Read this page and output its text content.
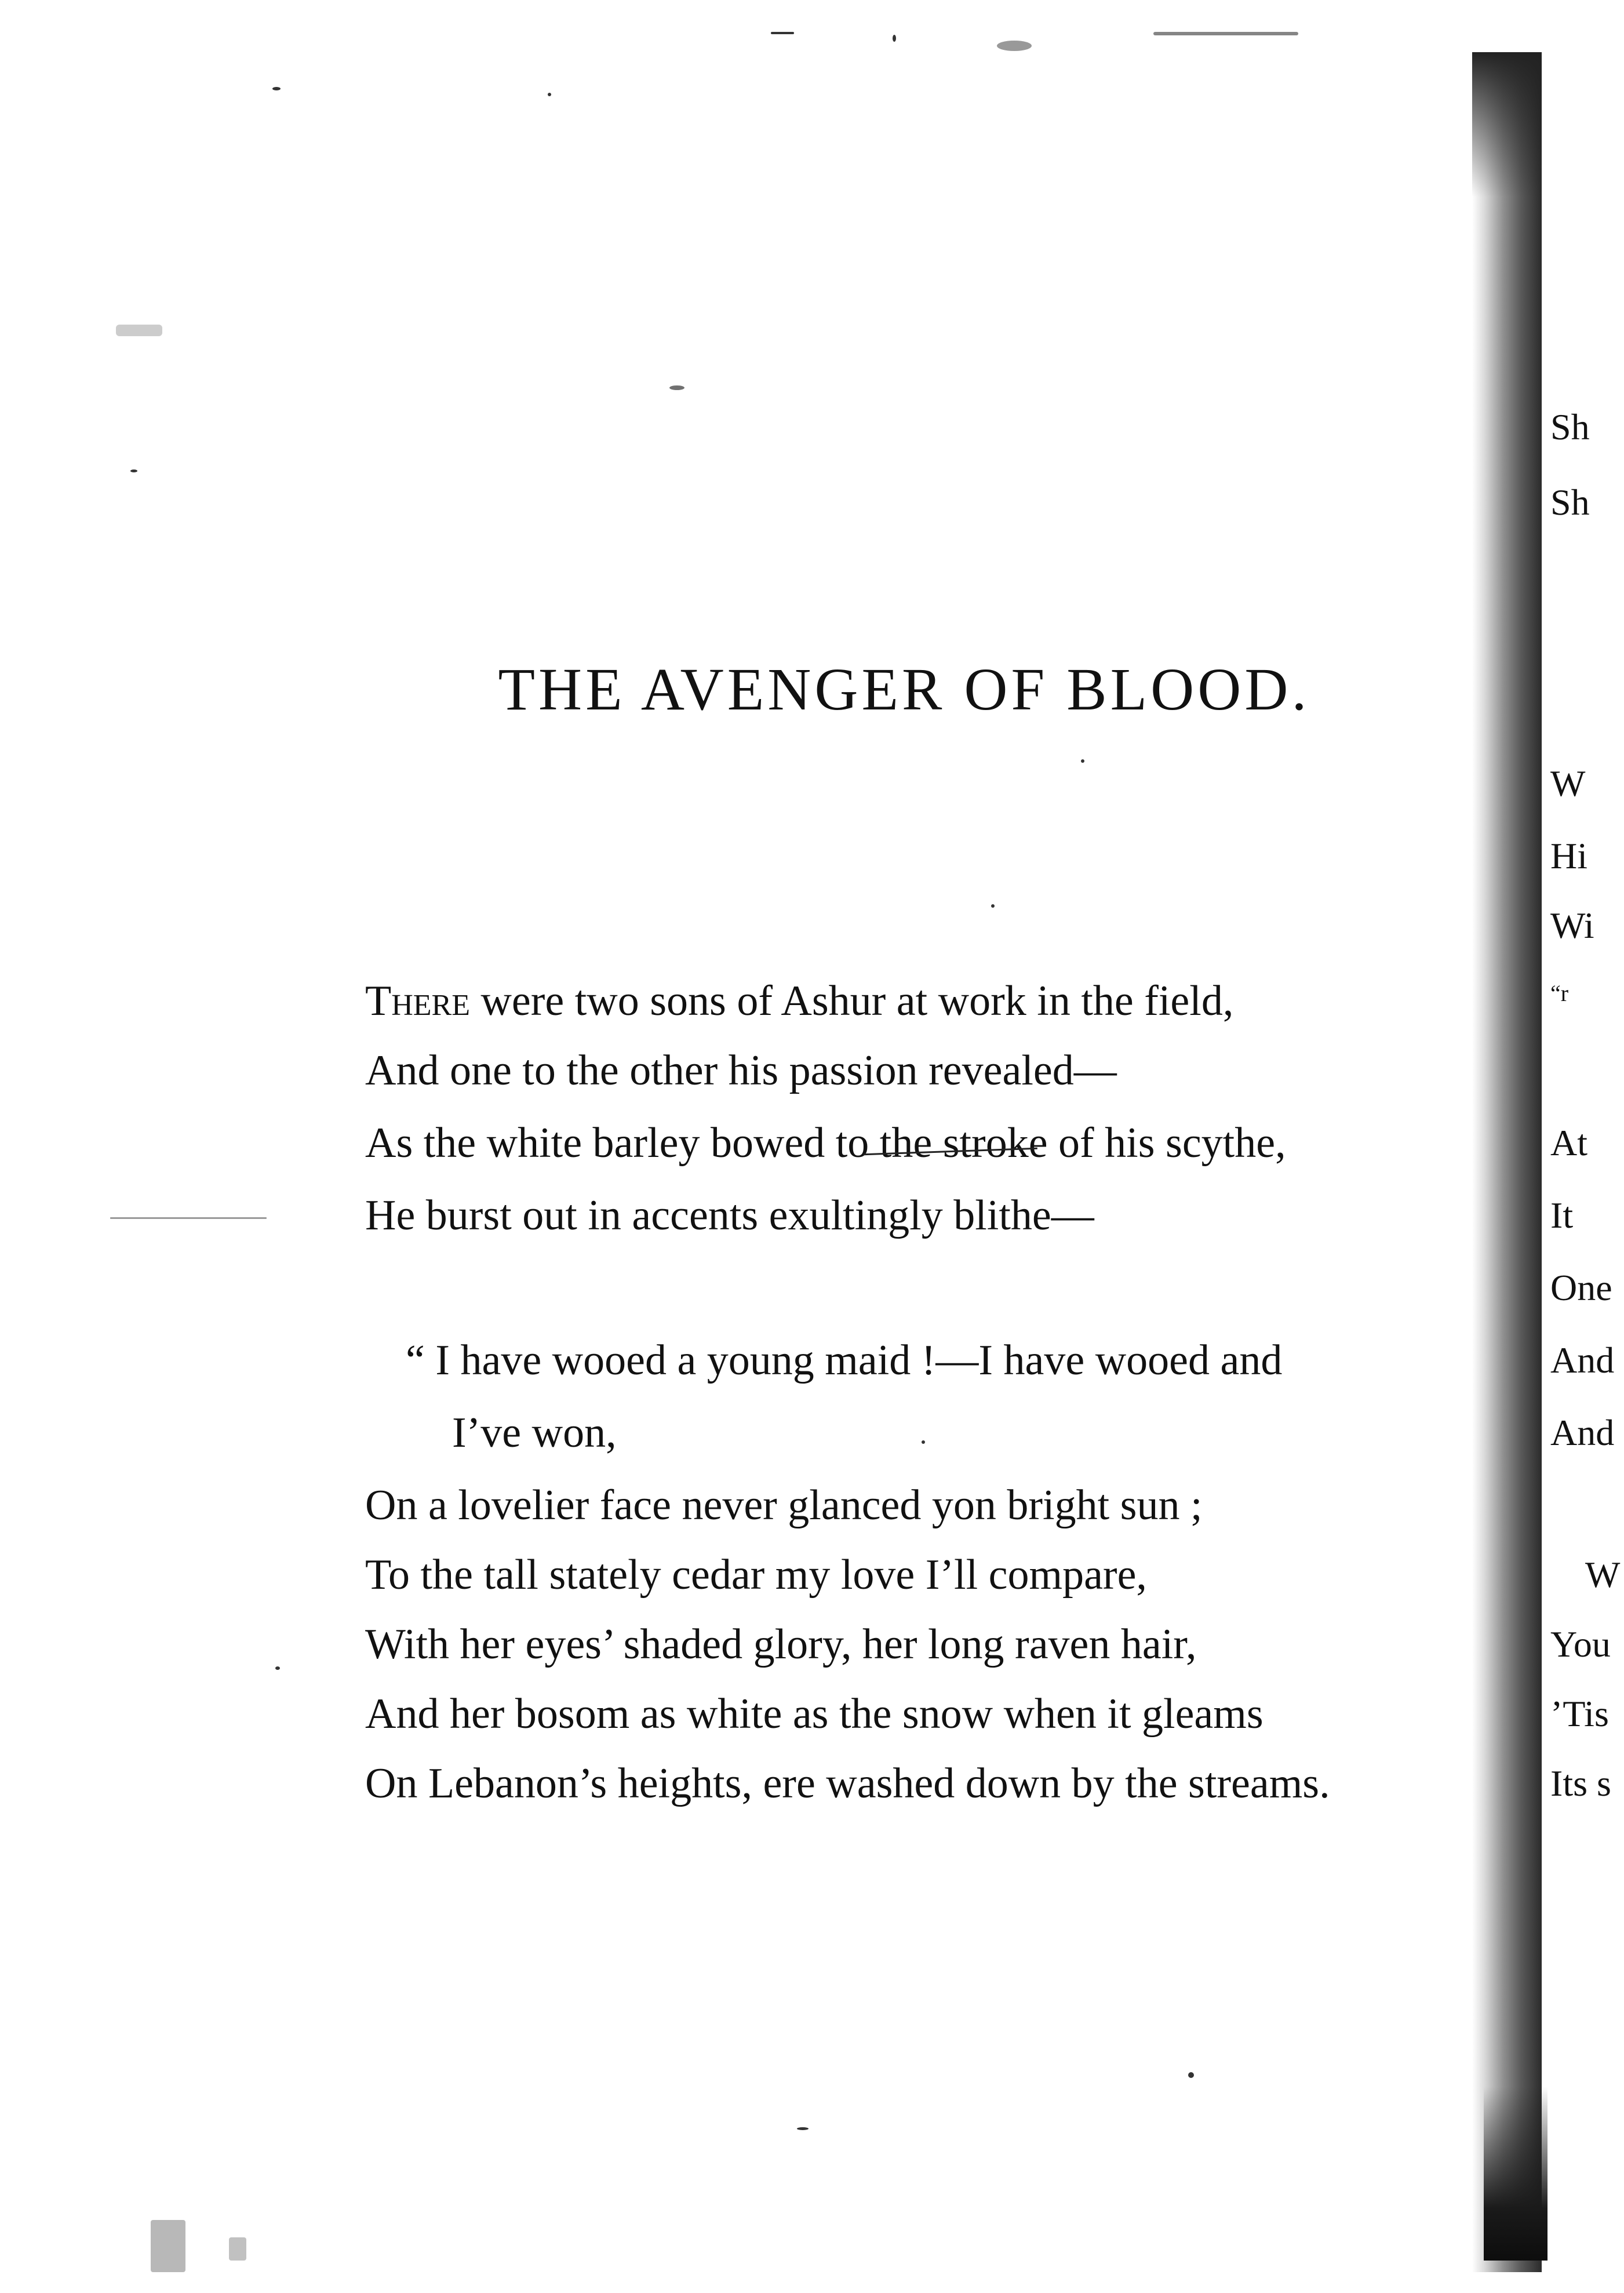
THE AVENGER OF BLOOD.
There were two sons of Ashur at work in the field,
And one to the other his passion revealed—
As the white barley bowed to the stroke of his scythe,
He burst out in accents exultingly blithe—
“ I have wooed a young maid !—I have wooed and
I’ve won,
On a lovelier face never glanced yon bright sun ;
To the tall stately cedar my love I’ll compare,
With her eyes’ shaded glory, her long raven hair,
And her bosom as white as the snow when it gleams
On Lebanon’s heights, ere washed down by the streams.
Sh
Sh
W
Hi
Wi
“r
At
It
One
And
And
W
You
’Tis
Its s
